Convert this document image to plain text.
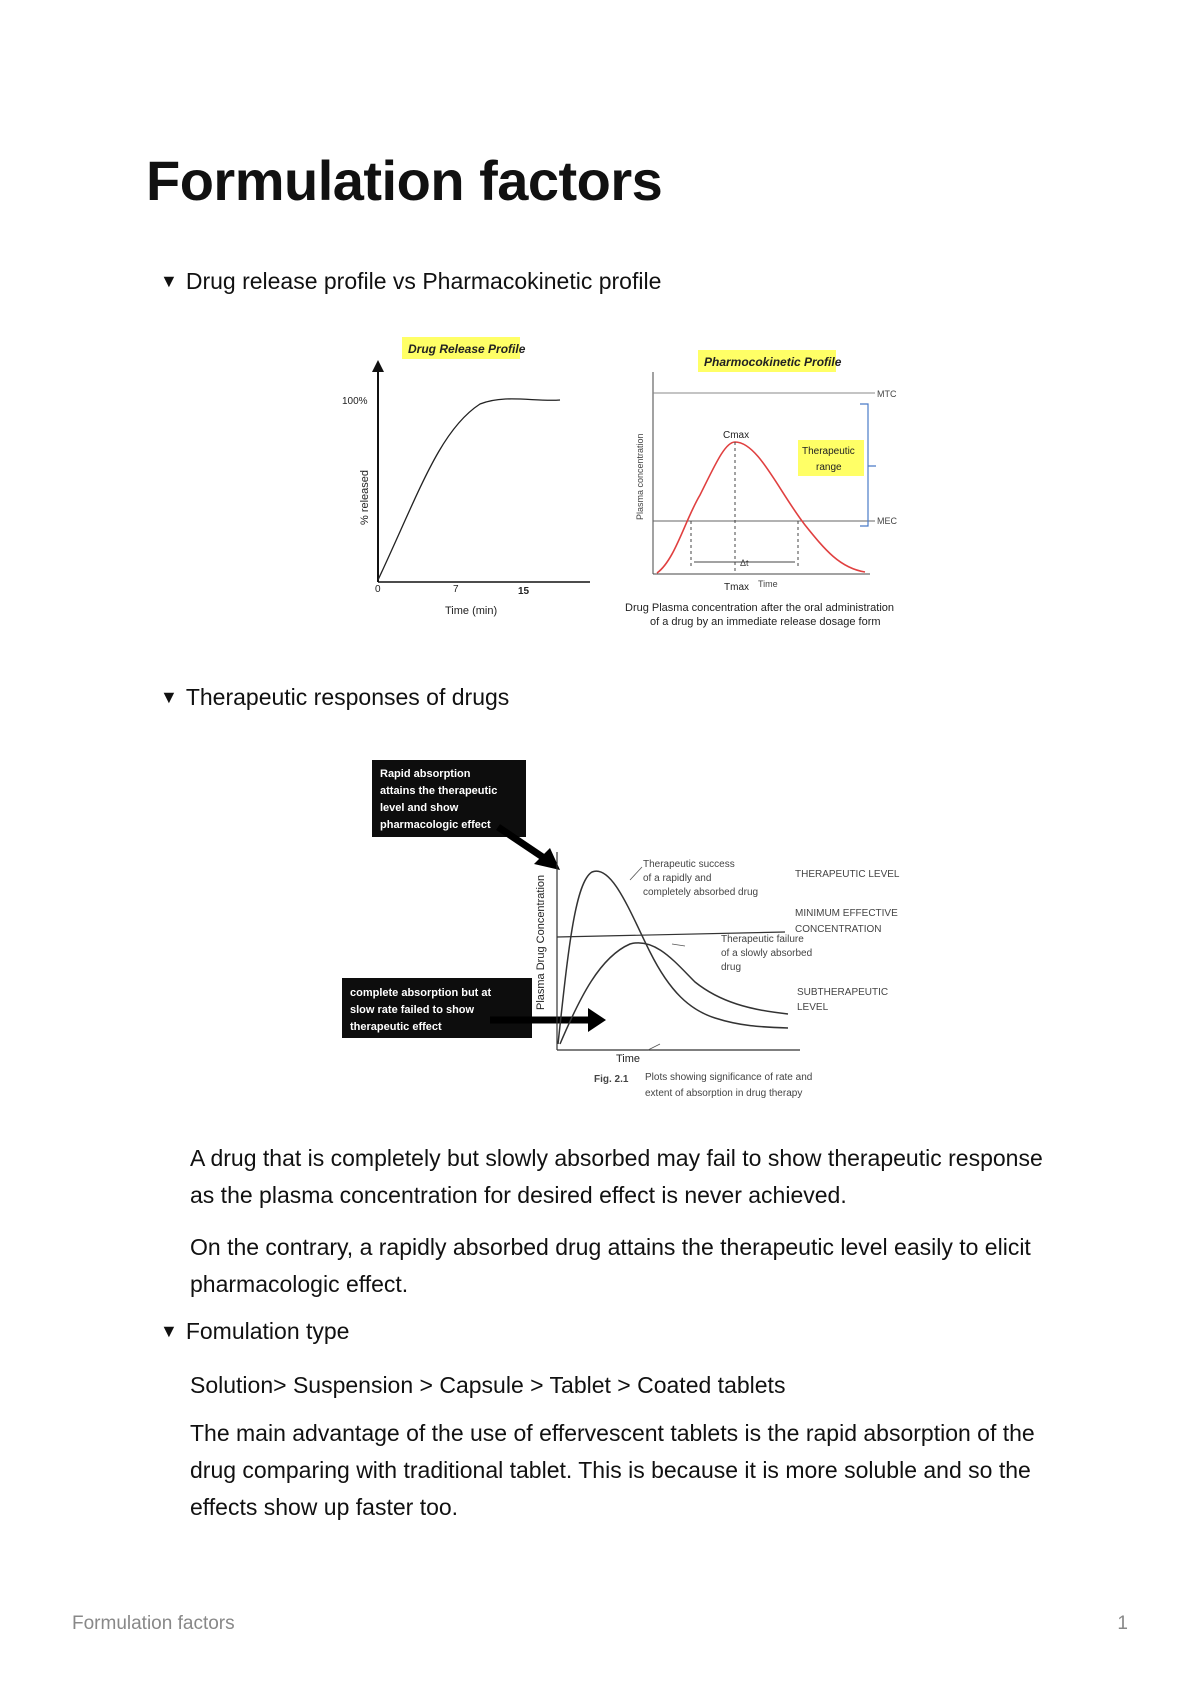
Formulation factors
▼ Drug release profile vs Pharmacokinetic profile
Drug Release Profile
100%
% released
0	7	15
Time (min)
Pharmocokinetic Profile
MTC
MEC
Therapeutic
range
Δt
Cmax
Tmax Time
Plasma concentration
Drug Plasma concentration after the oral administration
of a drug by an immediate release dosage form
▼ Therapeutic responses of drugs
Rapid absorption
attains the therapeutic
level and show
pharmacologic effect
complete absorption but at
slow rate failed to show
therapeutic effect
Plasma Drug Concentration
Time
Therapeutic success
of a rapidly and
completely absorbed drug
Therapeutic failure
of a slowly absorbed
drug
THERAPEUTIC LEVEL
MINIMUM EFFECTIVE
CONCENTRATION
SUBTHERAPEUTIC
LEVEL
Fig. 2.1 Plots showing significance of rate and
extent of absorption in drug therapy

A drug that is completely but slowly absorbed may fail to show therapeutic response as the plasma concentration for desired effect is never achieved.

On the contrary, a rapidly absorbed drug attains the therapeutic level easily to elicit pharmacologic effect.

▼ Fomulation type

Solution> Suspension > Capsule > Tablet > Coated tablets

The main advantage of the use of effervescent tablets is the rapid absorption of the drug comparing with traditional tablet. This is because it is more soluble and so the effects show up faster too.

Formulation factors	1
